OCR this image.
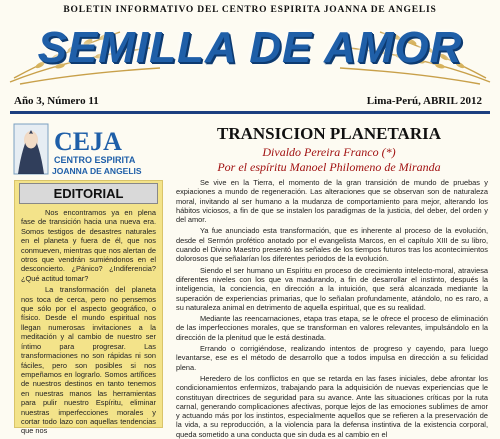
BOLETIN INFORMATIVO DEL CENTRO ESPIRITA JOANNA DE ANGELIS
SEMILLA DE AMOR
Año 3, Número 11	Lima-Perú, ABRIL 2012
CEJA
CENTRO ESPIRITA
JOANNA DE ANGELIS
EDITORIAL

Nos encontramos ya en plena fase de transición hacia una nueva era. Somos testigos de desastres naturales en el planeta y fuera de él, que nos conmueven, mientras que nos alertan de otros que vendrán sumiéndonos en el desconcierto. ¿Pánico? ¿Indiferencia? ¿Qué actitud tomar?

La transformación del planeta nos toca de cerca, pero no pensemos que sólo por el aspecto geográfico, o físico. Desde el mundo espiritual nos llegan numerosas invitaciones a la meditación y al cambio de nuestro ser íntimo para progresar. Las transformaciones no son rápidas ni son fáciles, pero son posibles si nos empeñamos en lograrlo. Somos artífices de nuestros destinos en tanto tenemos en nuestras manos las herramientas para pulir nuestro Espíritu, eliminar nuestras imperfecciones morales y cortar todo lazo con aquellas tendencias que nos

TRANSICION PLANETARIA
Divaldo Pereira Franco (*)
Por el espíritu Manoel Philomeno de Miranda

Se vive en la Tierra, el momento de la gran transición de mundo de pruebas y expiaciones a mundo de regeneración. Las alteraciones que se observan son de naturaleza moral, invitando al ser humano a la mudanza de comportamiento para mejor, alterando los hábitos viciosos, a fin de que se instalen los paradigmas de la justicia, del deber, del orden y del amor.

Ya fue anunciado esta transformación, que es inherente al proceso de la evolución, desde el Sermón profético anotado por el evangelista Marcos, en el capítulo XIII de su libro, cuando el Divino Maestro presentó las señales de los tiempos futuros tras los acontecimientos dolorosos que señalarían los diferentes periodos de la evolución.

Siendo el ser humano un Espíritu en proceso de crecimiento intelecto-moral, atraviesa diferentes niveles con los que va madurando, a fin de desarrollar el instinto, después la inteligencia, la conciencia, en dirección a la intuición, que será alcanzada mediante la superación de experiencias primarias, que lo señalan profundamente, atándolo, no es raro, a su naturaleza animal en detrimento de aquella espiritual, que es su realidad.

Mediante las reencarnaciones, etapa tras etapa, se le ofrece el proceso de eliminación de las imperfecciones morales, que se transforman en valores relevantes, impulsándolo en la dirección de la plenitud que le está destinada.

Errando o corrigiéndose, realizando intentos de progreso y cayendo, para luego levantarse, ese es el método de desarrollo que a todos impulsa en dirección a su felicidad plena.

Heredero de los conflictos en que se retarda en las fases iniciales, debe afrontar los condicionamientos enfermizos, trabajando para la adquisición de nuevas experiencias que le constituyan directrices de seguridad para su avance. Ante las situaciones críticas por la ruta carnal, generando complicaciones afectivas, porque lejos de las emociones sublimes de amor y actuando más por los instintos, especialmente aquellos que se refieren a la preservación de la vida, a su reproducción, a la violencia para la defensa instintiva de la existencia corporal, queda sometido a una conducta que sin duda es al cambio en el
